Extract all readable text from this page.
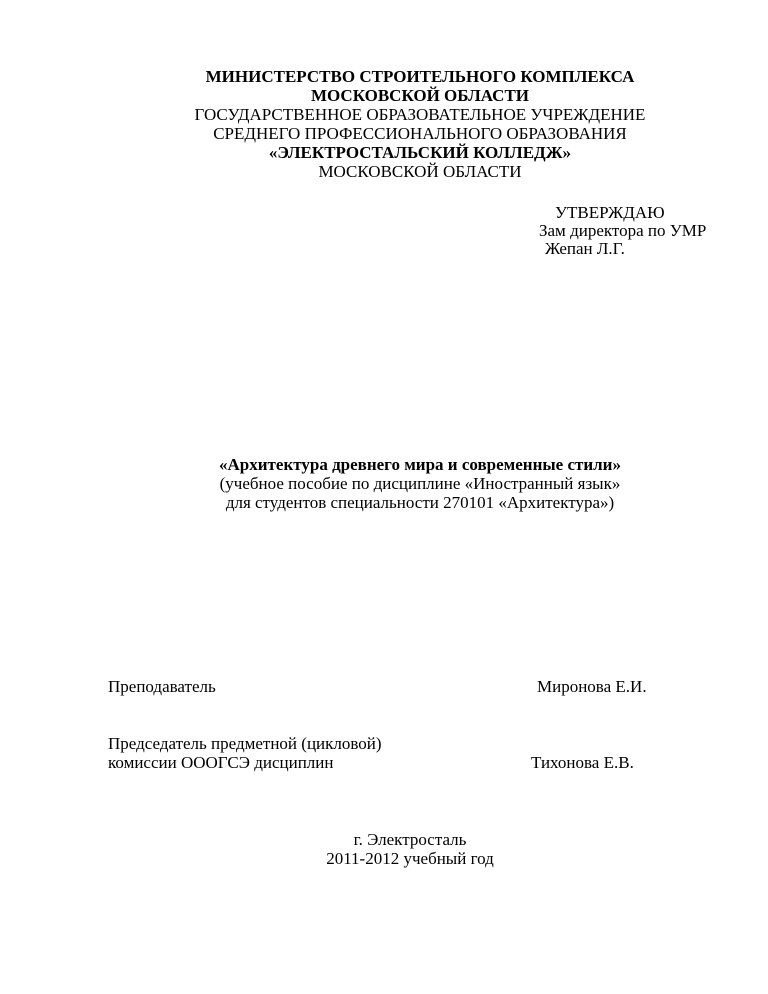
МИНИСТЕРСТВО СТРОИТЕЛЬНОГО КОМПЛЕКСА
МОСКОВСКОЙ ОБЛАСТИ
ГОСУДАРСТВЕННОЕ ОБРАЗОВАТЕЛЬНОЕ УЧРЕЖДЕНИЕ
СРЕДНЕГО ПРОФЕССИОНАЛЬНОГО ОБРАЗОВАНИЯ
«ЭЛЕКТРОСТАЛЬСКИЙ КОЛЛЕДЖ»
МОСКОВСКОЙ ОБЛАСТИ
УТВЕРЖДАЮ
Зам директора по УМР
Жепан Л.Г.
«Архитектура древнего мира и современные стили»
(учебное пособие по дисциплине «Иностранный язык»
для студентов специальности 270101 «Архитектура»)
Преподаватель	Миронова Е.И.
Председатель предметной (цикловой)
комиссии ОООГСЭ дисциплин	Тихонова Е.В.
г. Электросталь
2011-2012 учебный год
